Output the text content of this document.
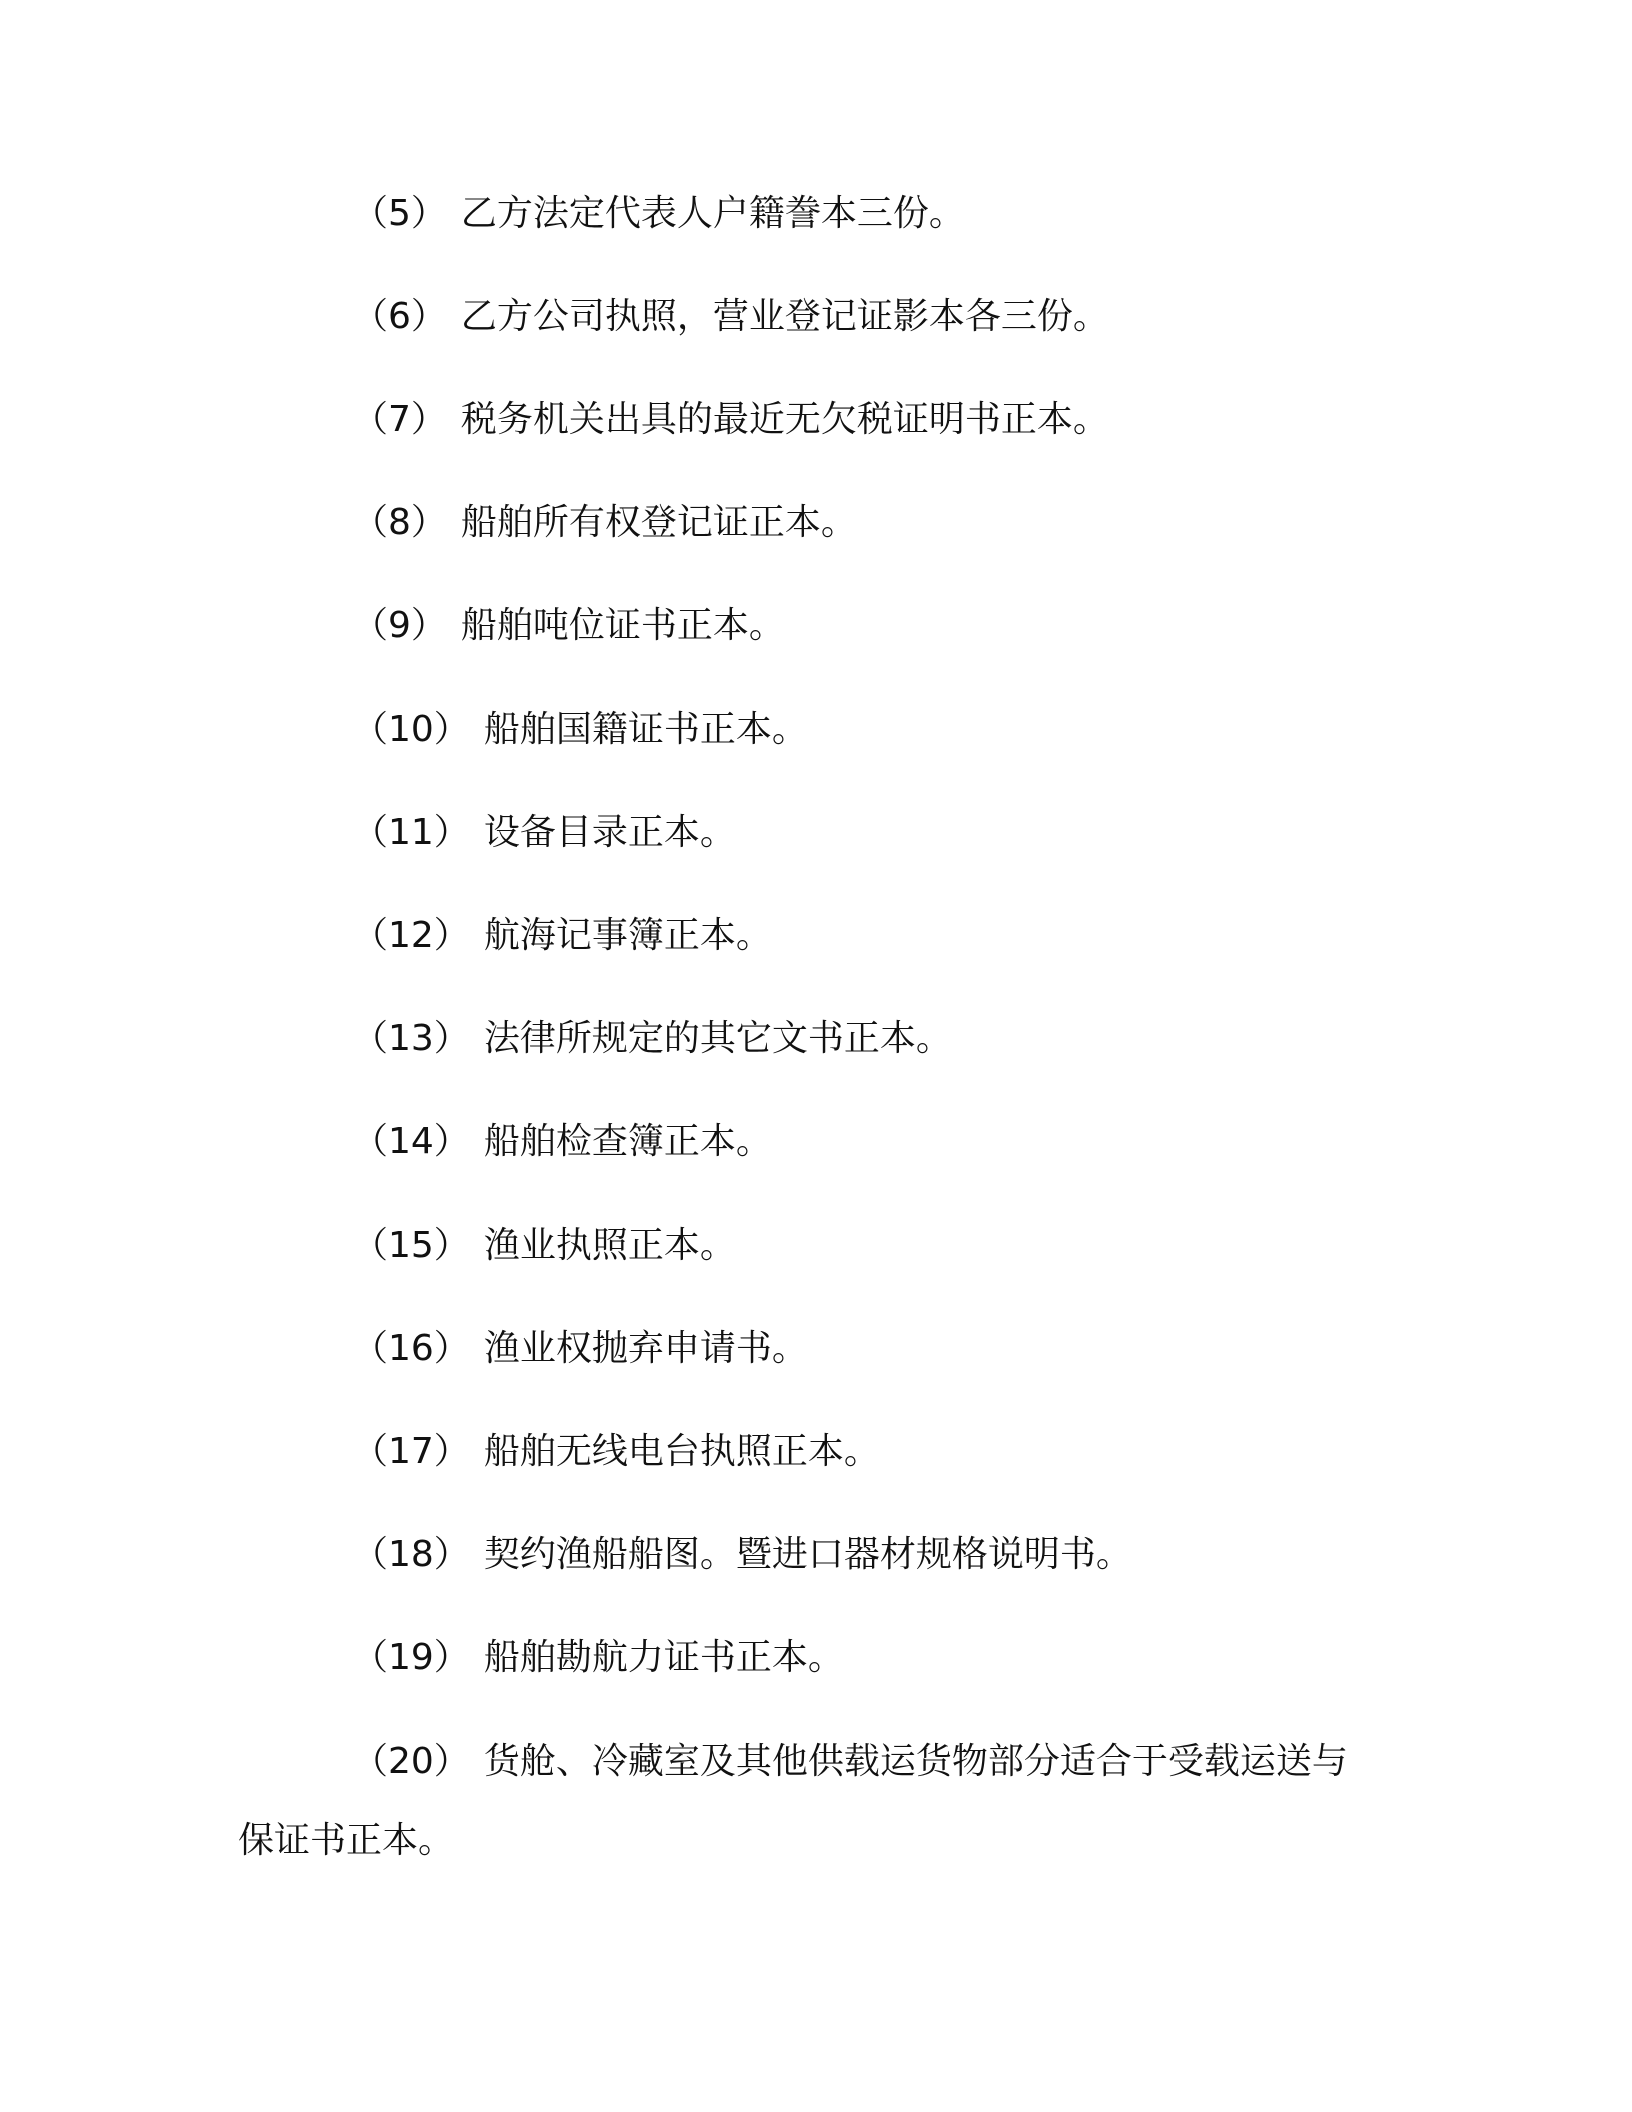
（5） 乙方法定代表人户籍誊本三份。
（6） 乙方公司执照，营业登记证影本各三份。
（7） 税务机关出具的最近无欠税证明书正本。
（8） 船舶所有权登记证正本。
（9） 船舶吨位证书正本。
（10） 船舶国籍证书正本。
（11） 设备目录正本。
（12） 航海记事簿正本。
（13） 法律所规定的其它文书正本。
（14） 船舶检查簿正本。
（15） 渔业执照正本。
（16） 渔业权抛弃申请书。
（17） 船舶无线电台执照正本。
（18） 契约渔船船图。暨进口器材规格说明书。
（19） 船舶勘航力证书正本。
（20） 货舱、冷藏室及其他供载运货物部分适合于受载运送与
保证书正本。
